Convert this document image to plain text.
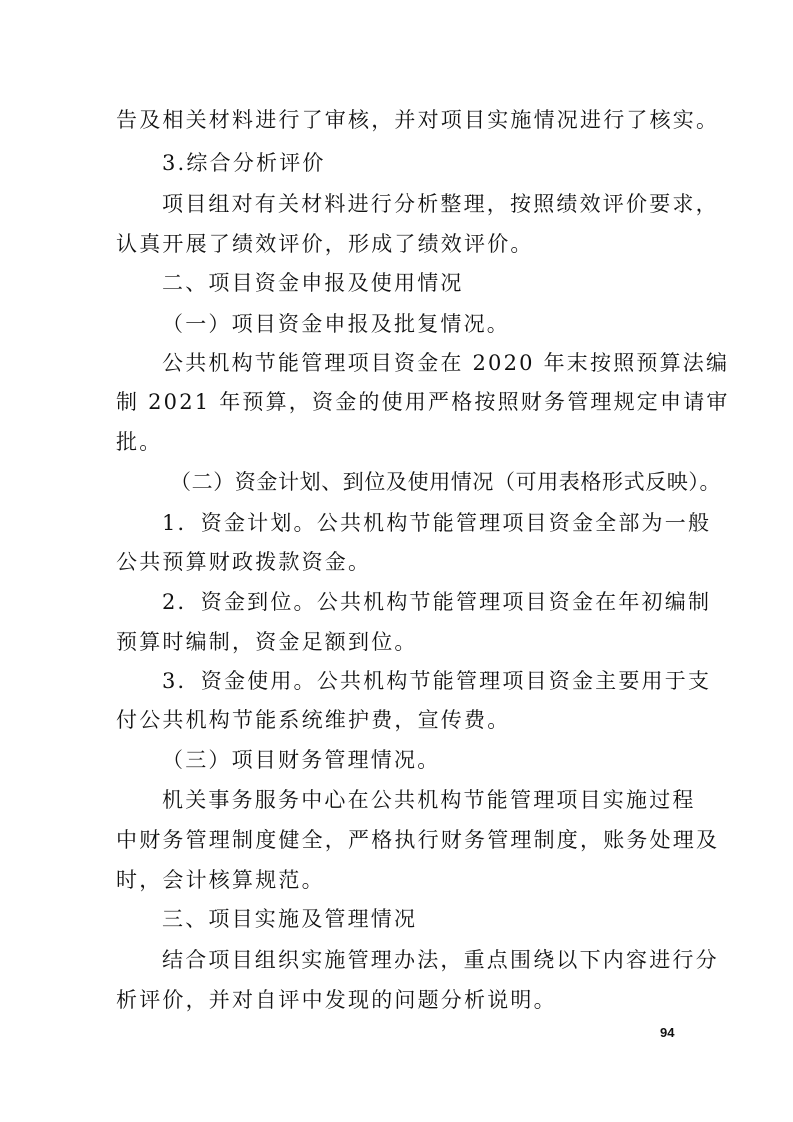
告及相关材料进行了审核，并对项目实施情况进行了核实。
3.综合分析评价
项目组对有关材料进行分析整理，按照绩效评价要求，
认真开展了绩效评价，形成了绩效评价。
二、项目资金申报及使用情况
（一）项目资金申报及批复情况。
公共机构节能管理项目资金在 2020 年末按照预算法编
制 2021 年预算，资金的使用严格按照财务管理规定申请审
批。
（二）资金计划、到位及使用情况（可用表格形式反映）。
1．资金计划。公共机构节能管理项目资金全部为一般
公共预算财政拨款资金。
2．资金到位。公共机构节能管理项目资金在年初编制
预算时编制，资金足额到位。
3．资金使用。公共机构节能管理项目资金主要用于支
付公共机构节能系统维护费，宣传费。
（三）项目财务管理情况。
机关事务服务中心在公共机构节能管理项目实施过程
中财务管理制度健全，严格执行财务管理制度，账务处理及
时，会计核算规范。
三、项目实施及管理情况
结合项目组织实施管理办法，重点围绕以下内容进行分
析评价，并对自评中发现的问题分析说明。
94
